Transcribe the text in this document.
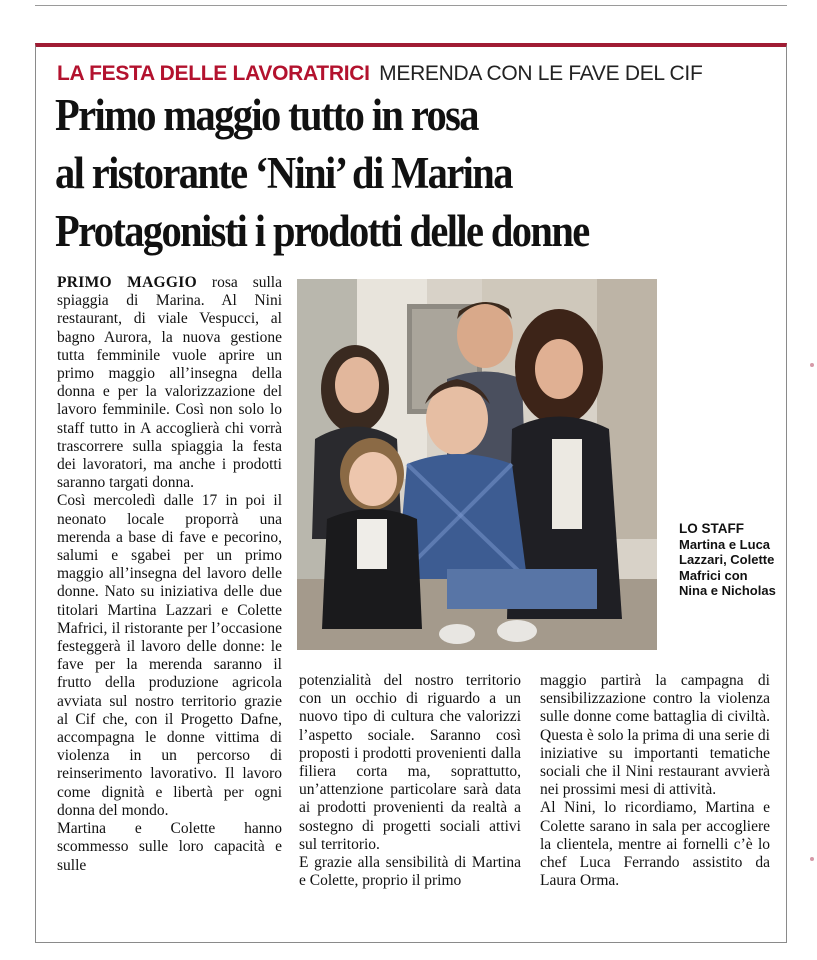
LA FESTA DELLE LAVORATRICI MERENDA CON LE FAVE DEL CIF
Primo maggio tutto in rosa
al ristorante ‘Nini’ di Marina
Protagonisti i prodotti delle donne

PRIMO MAGGIO rosa sulla spiaggia di Marina. Al Nini restaurant, di viale Vespucci, al bagno Aurora, la nuova gestione tutta femminile vuole aprire un primo maggio all’insegna della donna e per la valorizzazione del lavoro femminile. Così non solo lo staff tutto in A accoglierà chi vorrà trascorrere sulla spiaggia la festa dei lavoratori, ma anche i prodotti saranno targati donna.

Così mercoledì dalle 17 in poi il neonato locale proporrà una merenda a base di fave e pecorino, salumi e sgabei per un primo maggio all’insegna del lavoro delle donne. Nato su iniziativa delle due titolari Martina Lazzari e Colette Mafrici, il ristorante per l’occasione festeggerà il lavoro delle donne: le fave per la merenda saranno il frutto della produzione agricola avviata sul nostro territorio grazie al Cif che, con il Progetto Dafne, accompagna le donne vittima di violenza in un percorso di reinserimento lavorativo. Il lavoro come dignità e libertà per ogni donna del mondo.

Martina e Colette hanno scommesso sulle loro capacità e sulle

LO STAFF
Martina e Luca Lazzari, Colette Mafrici con Nina e Nicholas

potenzialità del nostro territorio con un occhio di riguardo a un nuovo tipo di cultura che valorizzi l’aspetto sociale. Saranno così proposti i prodotti provenienti dalla filiera corta ma, soprattutto, un’attenzione particolare sarà data ai prodotti provenienti da realtà a sostegno di progetti sociali attivi sul territorio.

E grazie alla sensibilità di Martina e Colette, proprio il primo

maggio partirà la campagna di sensibilizzazione contro la violenza sulle donne come battaglia di civiltà. Questa è solo la prima di una serie di iniziative su importanti tematiche sociali che il Nini restaurant avvierà nei prossimi mesi di attività.

Al Nini, lo ricordiamo, Martina e Colette sarano in sala per accogliere la clientela, mentre ai fornelli c’è lo chef Luca Ferrando assistito da Laura Orma.
